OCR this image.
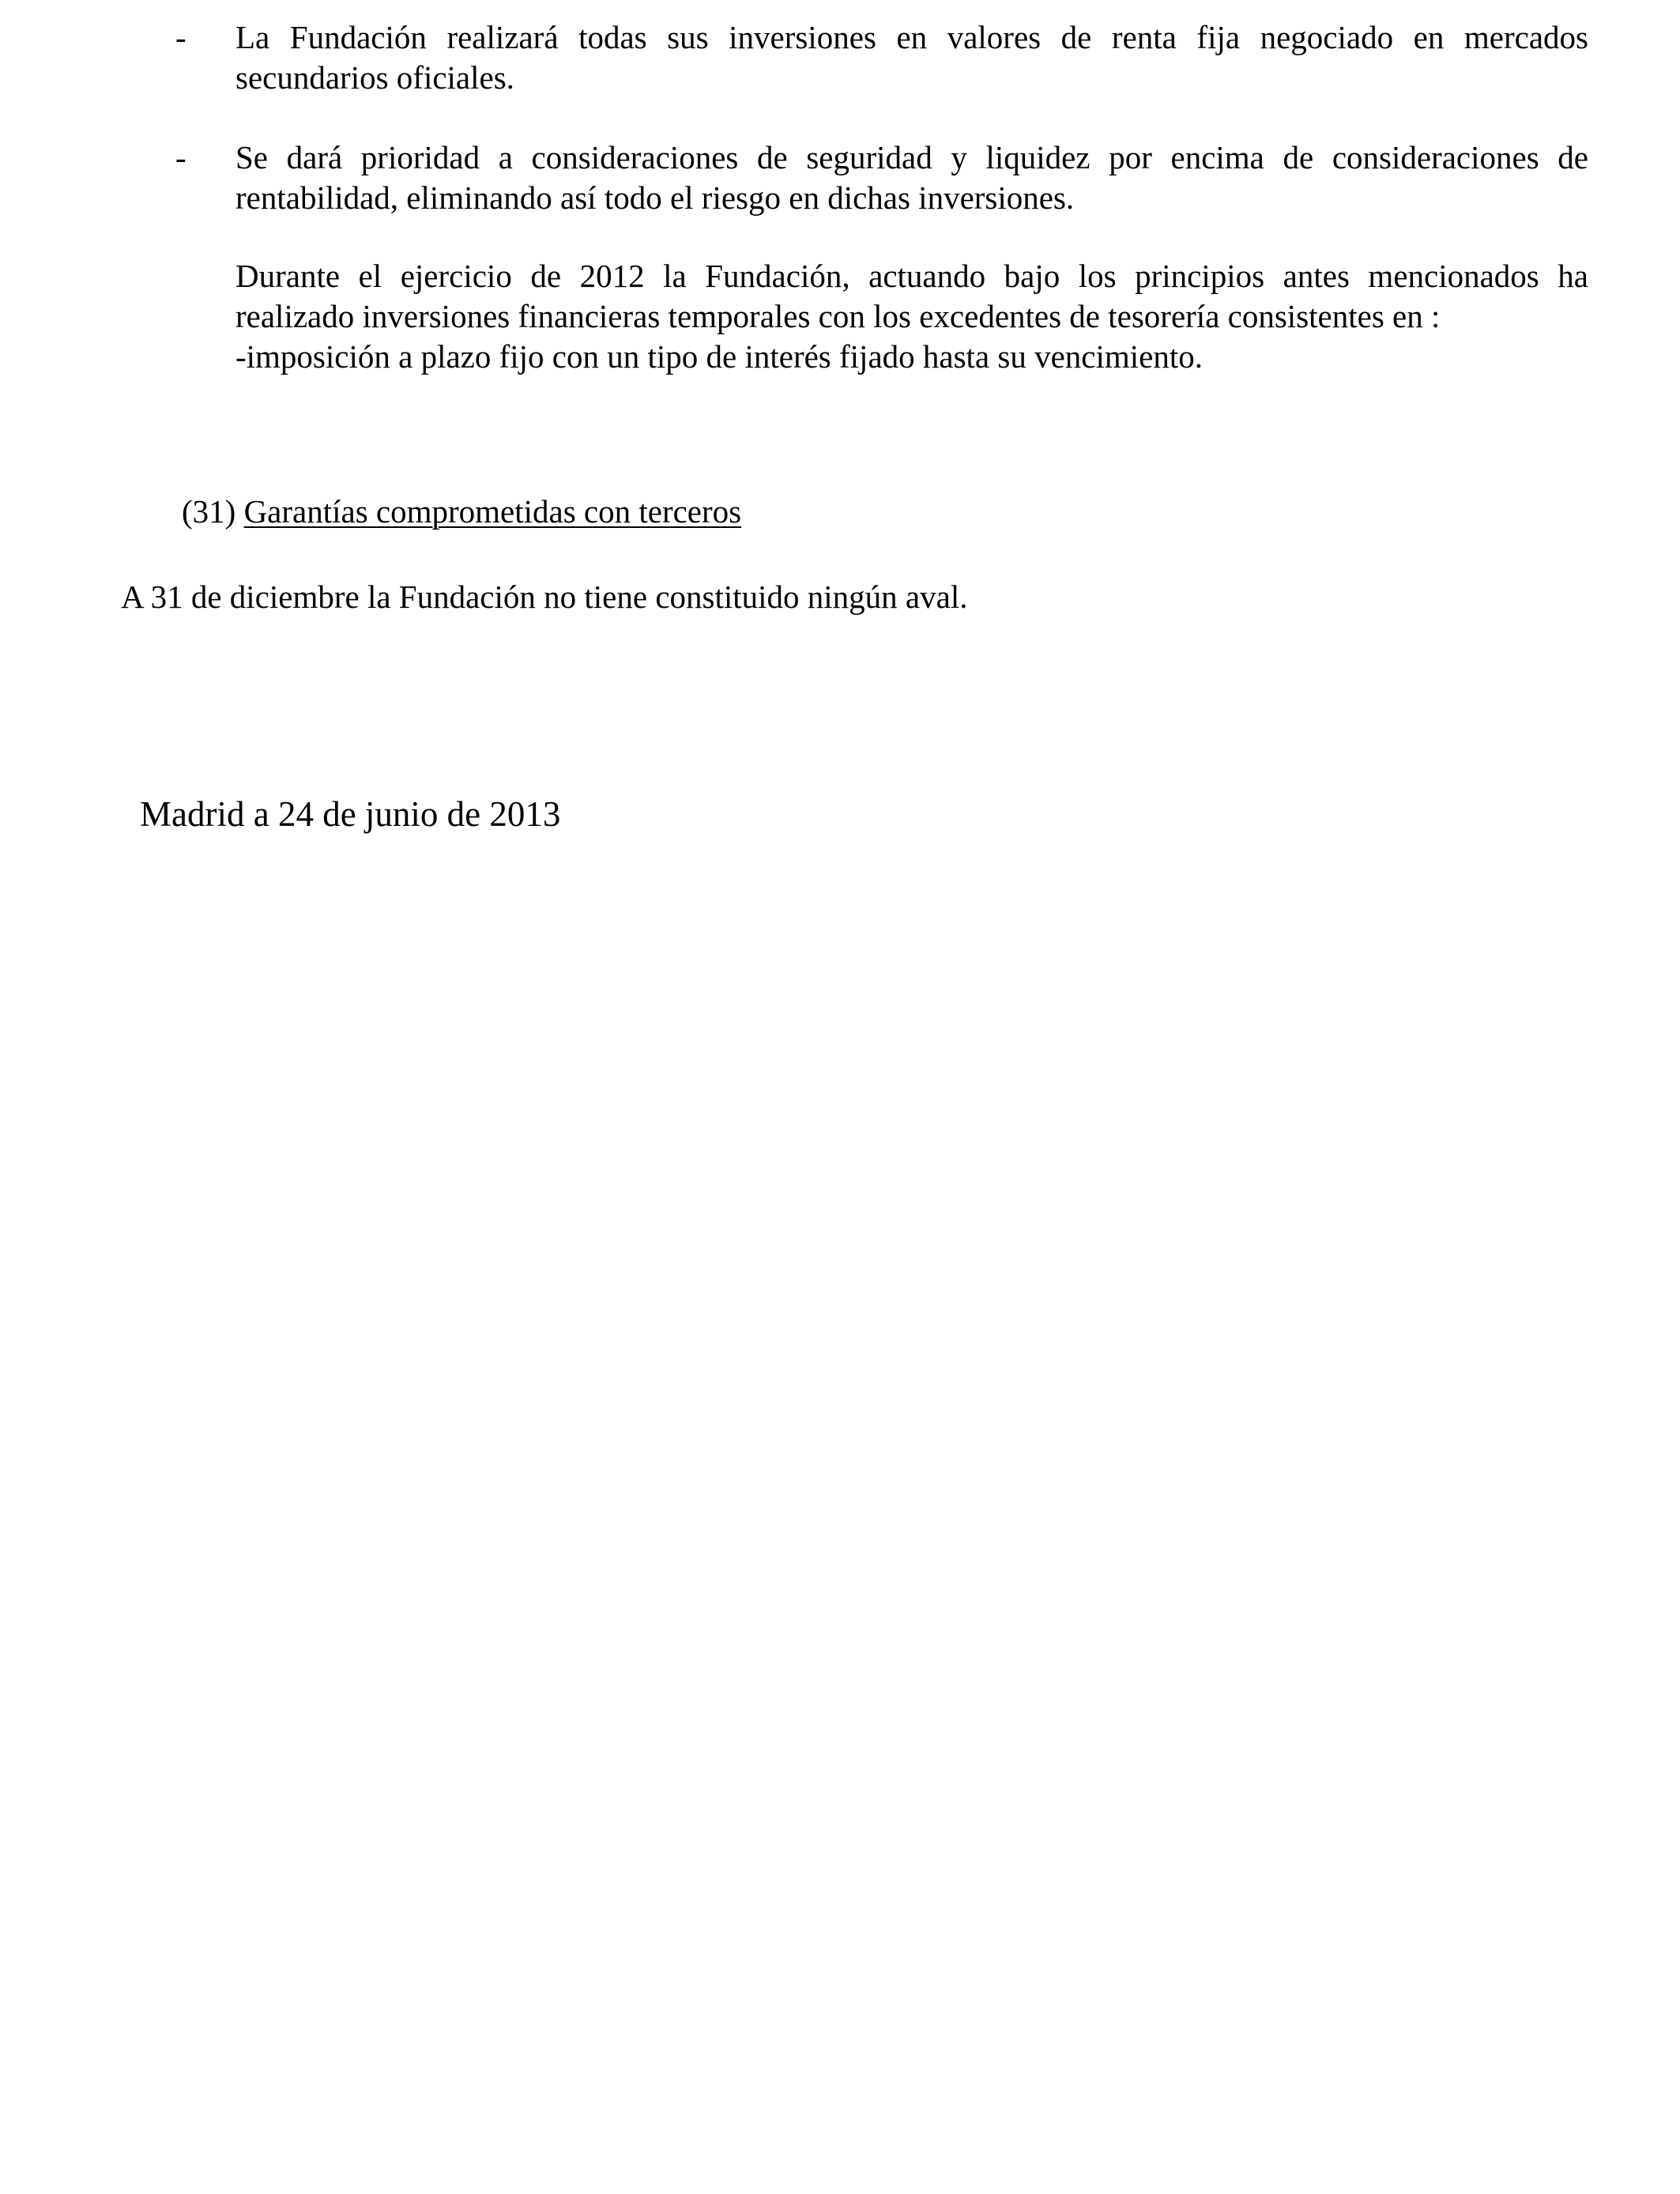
- La Fundación realizará todas sus inversiones en valores de renta fija negociado en mercados
secundarios oficiales.
- Se dará prioridad a consideraciones de seguridad y liquidez por encima de consideraciones de
rentabilidad, eliminando así todo el riesgo en dichas inversiones.
Durante el ejercicio de 2012 la Fundación, actuando bajo los principios antes mencionados ha
realizado inversiones financieras temporales con los excedentes de tesorería consistentes en :
-imposición a plazo fijo con un tipo de interés fijado hasta su vencimiento.
(31) Garantías comprometidas con terceros
A 31 de diciembre la Fundación no tiene constituido ningún aval.
Madrid a 24 de junio de 2013
